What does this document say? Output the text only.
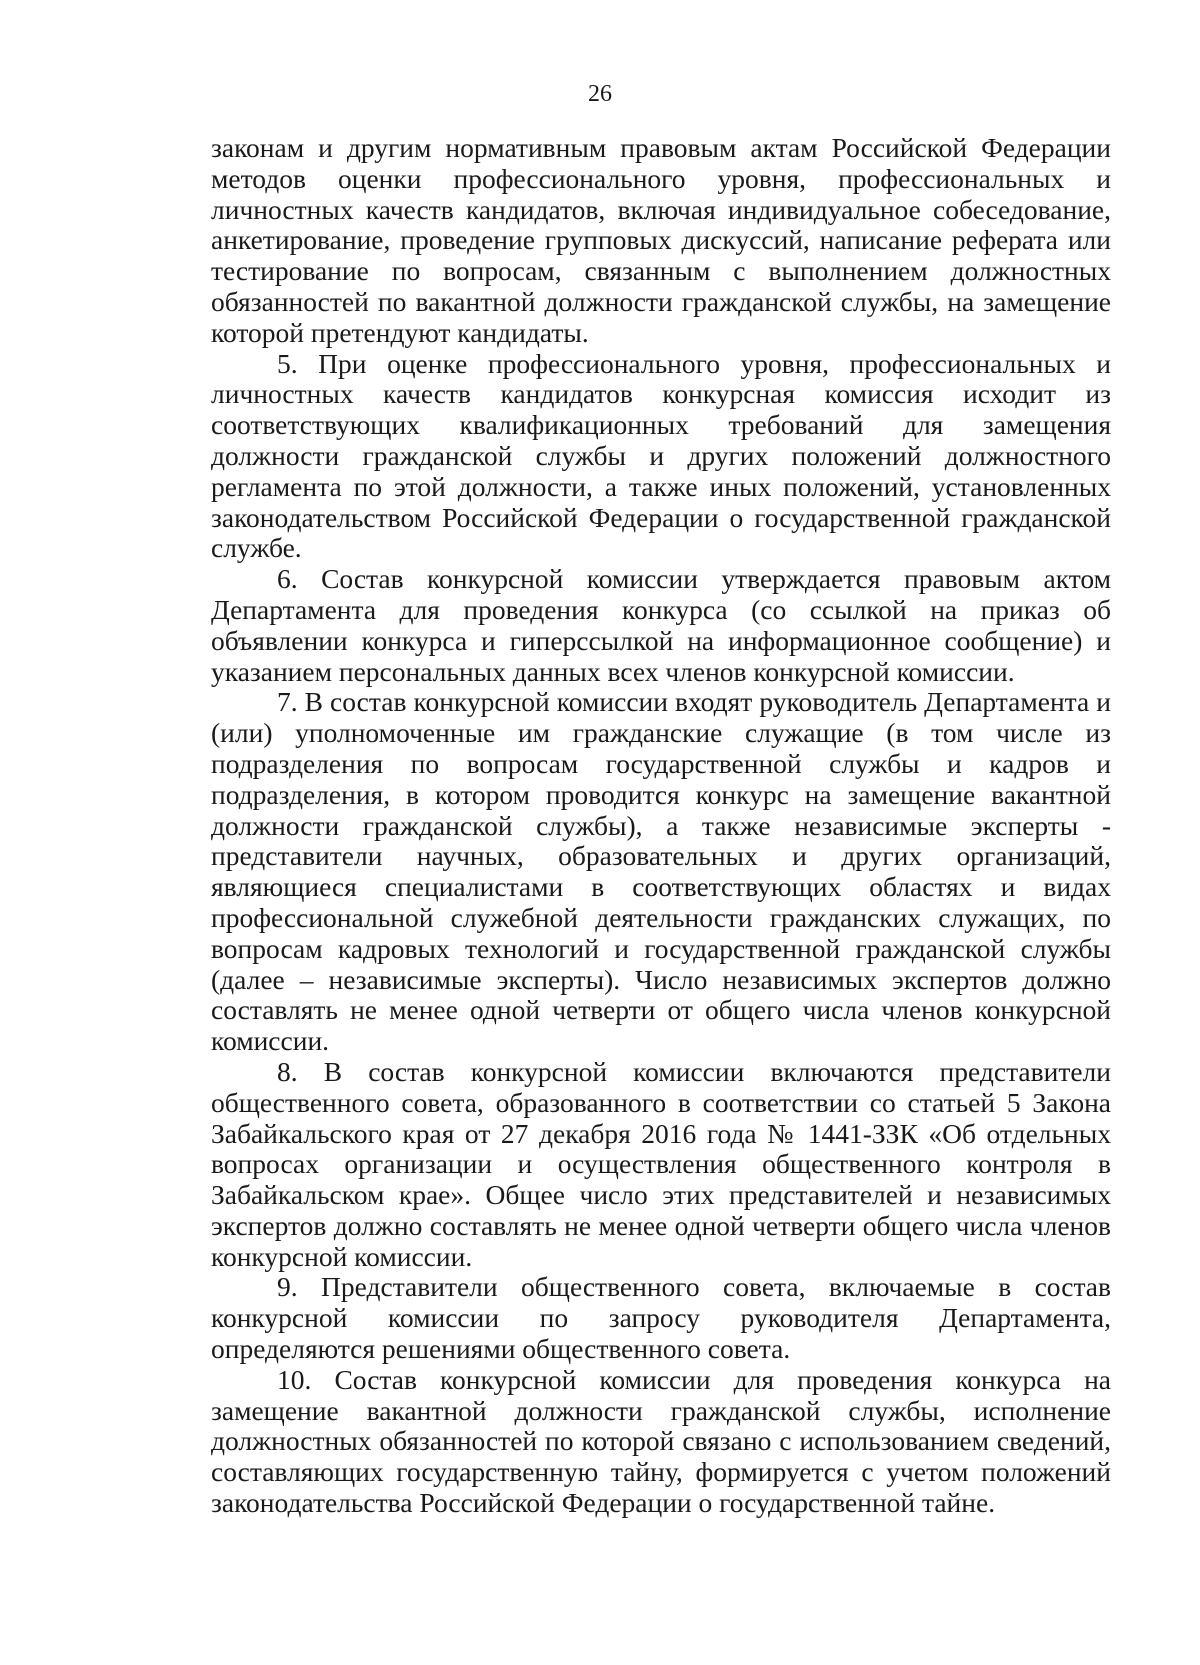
26

законам и другим нормативным правовым актам Российской Федерации методов оценки профессионального уровня, профессиональных и личностных качеств кандидатов, включая индивидуальное собеседование, анкетирование, проведение групповых дискуссий, написание реферата или тестирование по вопросам, связанным с выполнением должностных обязанностей по вакантной должности гражданской службы, на замещение которой претендуют кандидаты.

5. При оценке профессионального уровня, профессиональных и личностных качеств кандидатов конкурсная комиссия исходит из соответствующих квалификационных требований для замещения должности гражданской службы и других положений должностного регламента по этой должности, а также иных положений, установленных законодательством Российской Федерации о государственной гражданской службе.

6. Состав конкурсной комиссии утверждается правовым актом Департамента для проведения конкурса (со ссылкой на приказ об объявлении конкурса и гиперссылкой на информационное сообщение) и указанием персональных данных всех членов конкурсной комиссии.

7. В состав конкурсной комиссии входят руководитель Департамента и (или) уполномоченные им гражданские служащие (в том числе из подразделения по вопросам государственной службы и кадров и подразделения, в котором проводится конкурс на замещение вакантной должности гражданской службы), а также независимые эксперты - представители научных, образовательных и других организаций, являющиеся специалистами в соответствующих областях и видах профессиональной служебной деятельности гражданских служащих, по вопросам кадровых технологий и государственной гражданской службы (далее – независимые эксперты). Число независимых экспертов должно составлять не менее одной четверти от общего числа членов конкурсной комиссии.

8. В состав конкурсной комиссии включаются представители общественного совета, образованного в соответствии со статьей 5 Закона Забайкальского края от 27 декабря 2016 года № 1441-ЗЗК «Об отдельных вопросах организации и осуществления общественного контроля в Забайкальском крае». Общее число этих представителей и независимых экспертов должно составлять не менее одной четверти общего числа членов конкурсной комиссии.

9. Представители общественного совета, включаемые в состав конкурсной комиссии по запросу руководителя Департамента, определяются решениями общественного совета.

10. Состав конкурсной комиссии для проведения конкурса на замещение вакантной должности гражданской службы, исполнение должностных обязанностей по которой связано с использованием сведений, составляющих государственную тайну, формируется с учетом положений законодательства Российской Федерации о государственной тайне.
